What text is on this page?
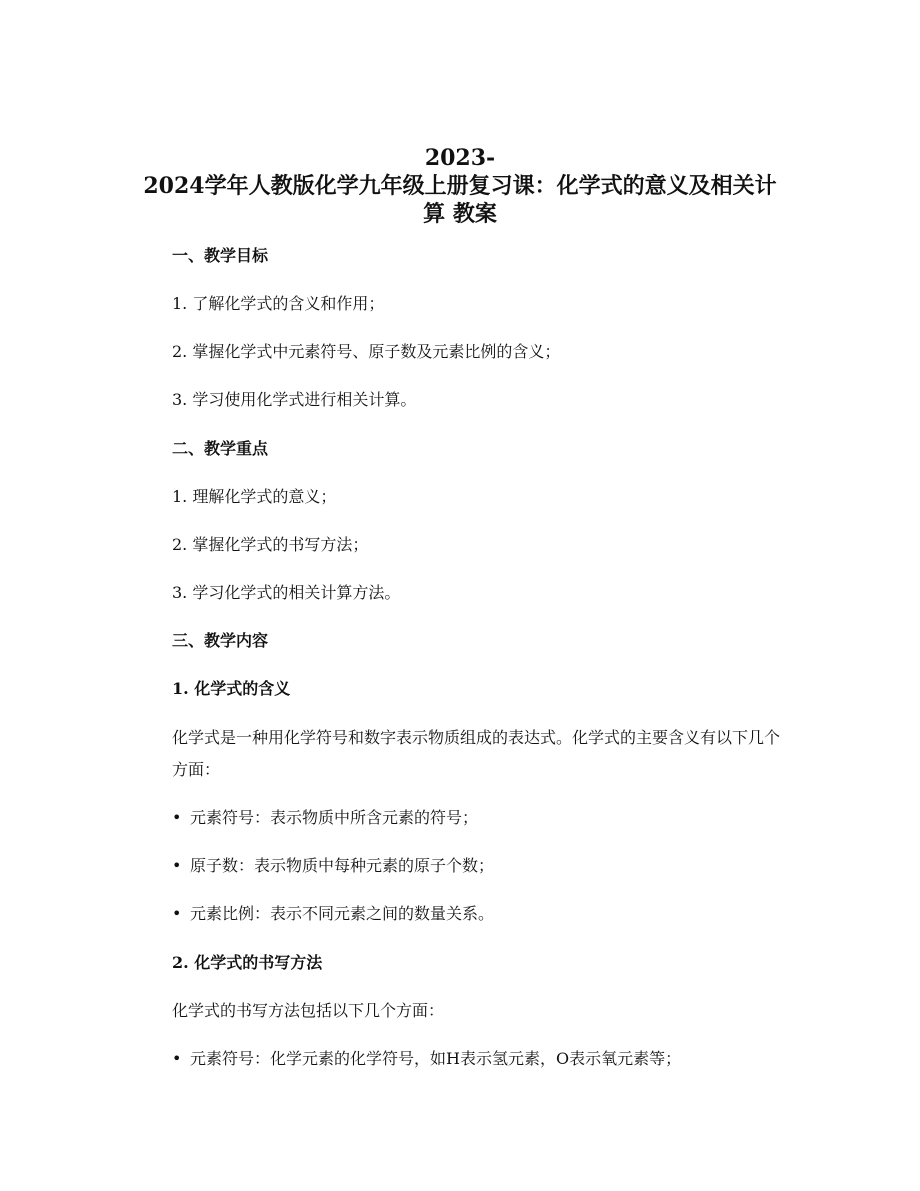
2023-
2024学年人教版化学九年级上册复习课：化学式的意义及相关计
算 教案
一、教学目标
1. 了解化学式的含义和作用；
2. 掌握化学式中元素符号、原子数及元素比例的含义；
3. 学习使用化学式进行相关计算。
二、教学重点
1. 理解化学式的意义；
2. 掌握化学式的书写方法；
3. 学习化学式的相关计算方法。
三、教学内容
1. 化学式的含义
化学式是一种用化学符号和数字表示物质组成的表达式。化学式的主要含义有以下几个方面：
• 元素符号：表示物质中所含元素的符号；
• 原子数：表示物质中每种元素的原子个数；
• 元素比例：表示不同元素之间的数量关系。
2. 化学式的书写方法
化学式的书写方法包括以下几个方面：
• 元素符号：化学元素的化学符号，如H表示氢元素，O表示氧元素等；
